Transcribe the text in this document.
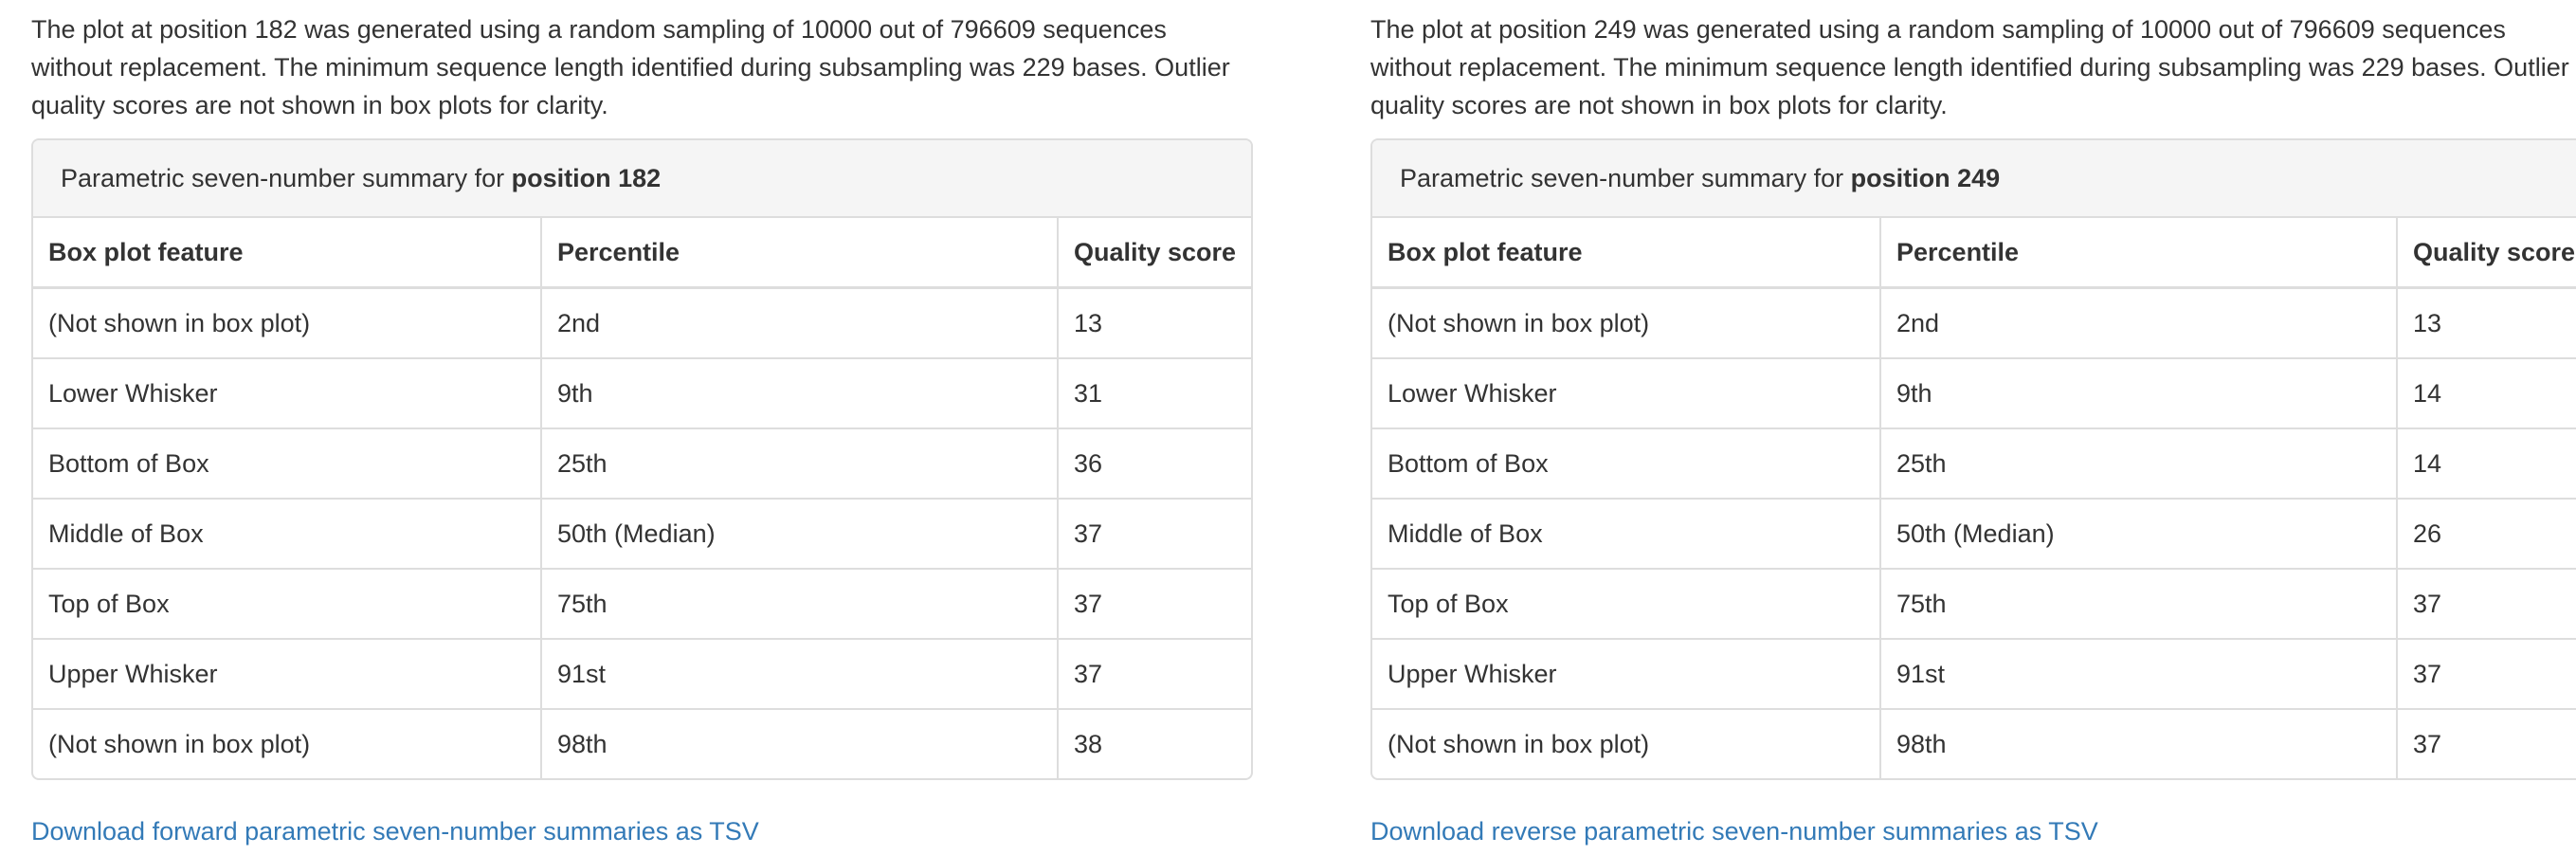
The plot at position 182 was generated using a random sampling of 10000 out of 796609 sequences without replacement. The minimum sequence length identified during subsampling was 229 bases. Outlier quality scores are not shown in box plots for clarity.

Parametric seven-number summary for position 182
Box plot feature	Percentile	Quality score
(Not shown in box plot)	2nd	13
Lower Whisker	9th	31
Bottom of Box	25th	36
Middle of Box	50th (Median)	37
Top of Box	75th	37
Upper Whisker	91st	37
(Not shown in box plot)	98th	38
Download forward parametric seven-number summaries as TSV

The plot at position 249 was generated using a random sampling of 10000 out of 796609 sequences without replacement. The minimum sequence length identified during subsampling was 229 bases. Outlier quality scores are not shown in box plots for clarity.

Parametric seven-number summary for position 249
Box plot feature	Percentile	Quality score
(Not shown in box plot)	2nd	13
Lower Whisker	9th	14
Bottom of Box	25th	14
Middle of Box	50th (Median)	26
Top of Box	75th	37
Upper Whisker	91st	37
(Not shown in box plot)	98th	37
Download reverse parametric seven-number summaries as TSV
